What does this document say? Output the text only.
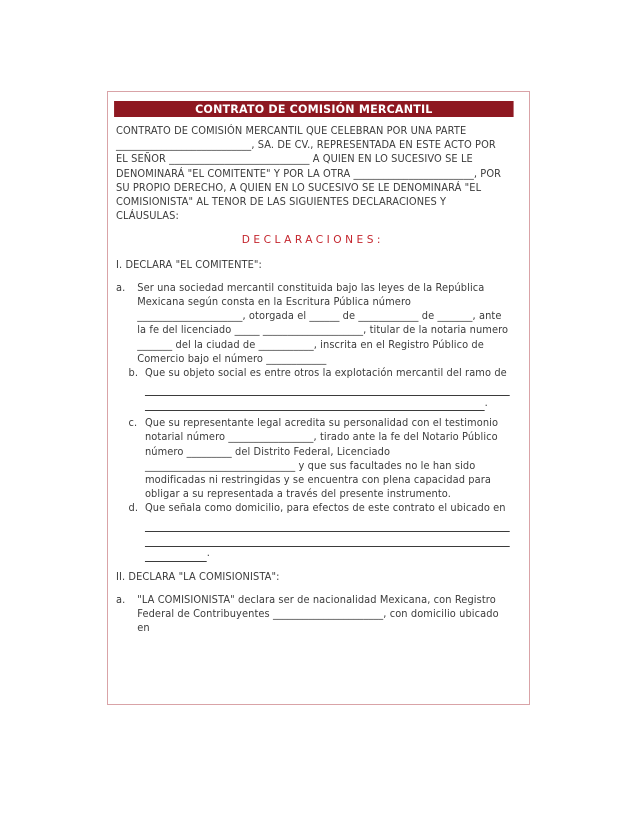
CONTRATO DE COMISIÓN MERCANTIL

CONTRATO DE COMISIÓN MERCANTIL QUE CELEBRAN POR UNA PARTE ___________________________, SA. DE CV., REPRESENTADA EN ESTE ACTO POR EL SEÑOR ____________________________ A QUIEN EN LO SUCESIVO SE LE DENOMINARÁ "EL COMITENTE" Y POR LA OTRA ________________________, POR SU PROPIO DERECHO, A QUIEN EN LO SUCESIVO SE LE DENOMINARÁ "EL COMISIONISTA" AL TENOR DE LAS SIGUIENTES DECLARACIONES Y CLÁUSULAS:

DECLARACIONES:

I. DECLARA "EL COMITENTE":

a.	Ser una sociedad mercantil constituida bajo las leyes de la República Mexicana según consta en la Escritura Pública número _____________________, otorgada el ______ de ____________ de _______, ante la fe del licenciado _____ ____________________, titular de la notaria numero _______ del la ciudad de ___________, inscrita en el Registro Público de Comercio bajo el número ____________
b. Que su objeto social es entre otros la explotación mercantil del ramo de
.
c. Que su representante legal acredita su personalidad con el testimonio notarial número _________________, tirado ante la fe del Notario Público número _________ del Distrito Federal, Licenciado ______________________________ y que sus facultades no le han sido modificadas ni restringidas y se encuentra con plena capacidad para obligar a su representada a través del presente instrumento.
d. Que señala como domicilio, para efectos de este contrato el ubicado en
.

II. DECLARA "LA COMISIONISTA":

a.	"LA COMISIONISTA" declara ser de nacionalidad Mexicana, con Registro Federal de Contribuyentes ______________________, con domicilio ubicado en
